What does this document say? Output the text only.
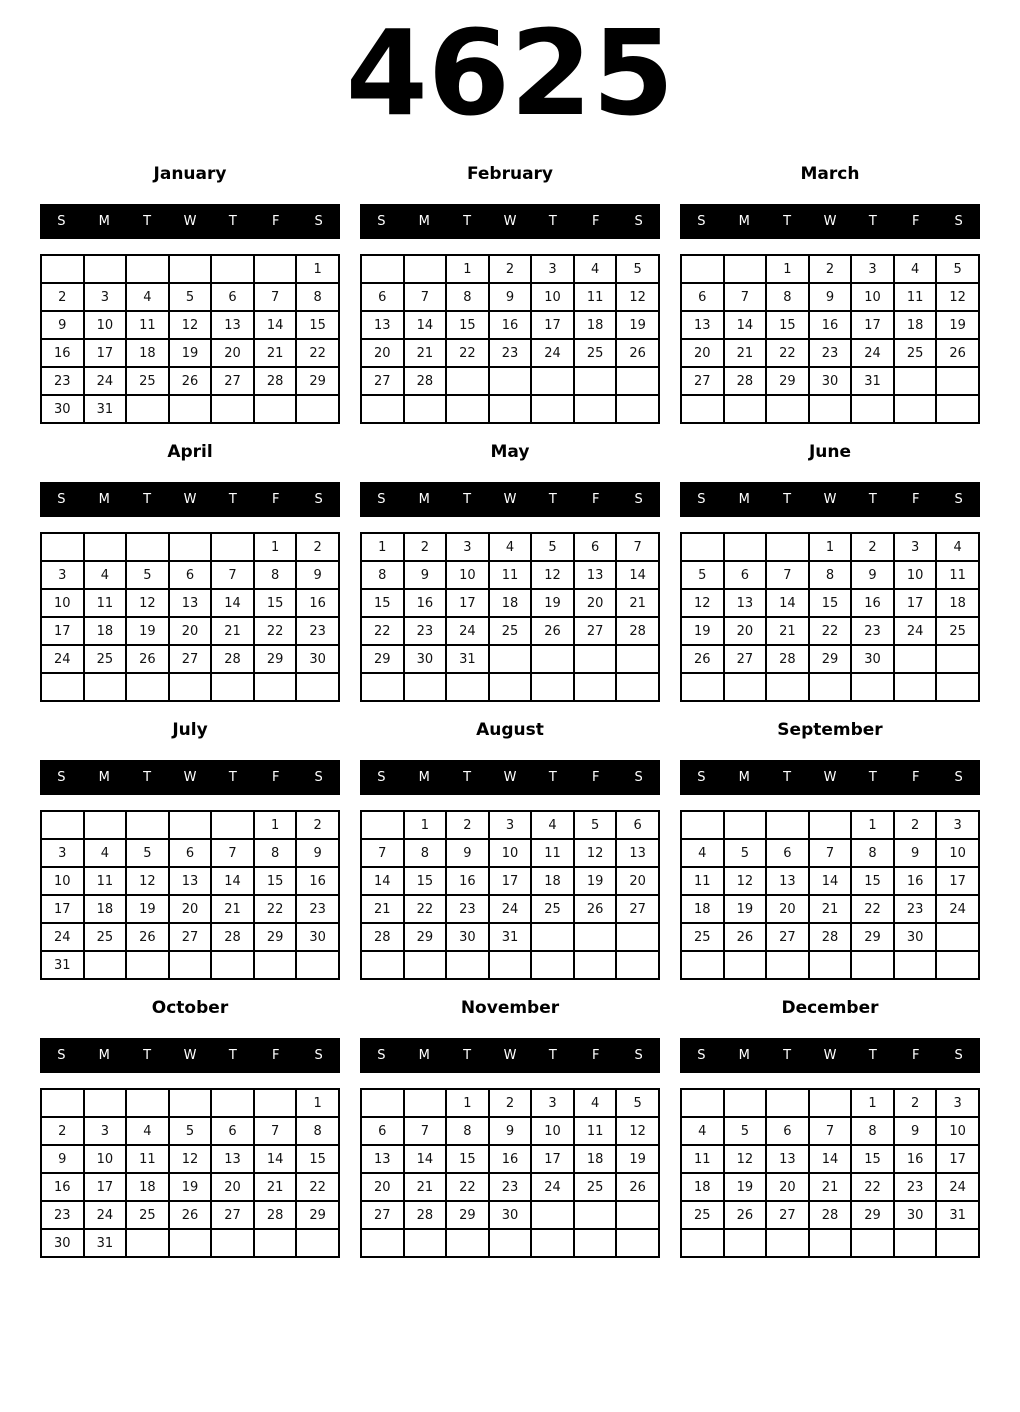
4625
January
S	M	T	W	T	F	S
						1
2	3	4	5	6	7	8
9	10	11	12	13	14	15
16	17	18	19	20	21	22
23	24	25	26	27	28	29
30	31					
February
S	M	T	W	T	F	S
		1	2	3	4	5
6	7	8	9	10	11	12
13	14	15	16	17	18	19
20	21	22	23	24	25	26
27	28					

March
S	M	T	W	T	F	S
		1	2	3	4	5
6	7	8	9	10	11	12
13	14	15	16	17	18	19
20	21	22	23	24	25	26
27	28	29	30	31		

April
S	M	T	W	T	F	S
					1	2
3	4	5	6	7	8	9
10	11	12	13	14	15	16
17	18	19	20	21	22	23
24	25	26	27	28	29	30

May
S	M	T	W	T	F	S
1	2	3	4	5	6	7
8	9	10	11	12	13	14
15	16	17	18	19	20	21
22	23	24	25	26	27	28
29	30	31				

June
S	M	T	W	T	F	S
			1	2	3	4
5	6	7	8	9	10	11
12	13	14	15	16	17	18
19	20	21	22	23	24	25
26	27	28	29	30		

July
S	M	T	W	T	F	S
					1	2
3	4	5	6	7	8	9
10	11	12	13	14	15	16
17	18	19	20	21	22	23
24	25	26	27	28	29	30
31						
August
S	M	T	W	T	F	S
	1	2	3	4	5	6
7	8	9	10	11	12	13
14	15	16	17	18	19	20
21	22	23	24	25	26	27
28	29	30	31			

September
S	M	T	W	T	F	S
				1	2	3
4	5	6	7	8	9	10
11	12	13	14	15	16	17
18	19	20	21	22	23	24
25	26	27	28	29	30	

October
S	M	T	W	T	F	S
						1
2	3	4	5	6	7	8
9	10	11	12	13	14	15
16	17	18	19	20	21	22
23	24	25	26	27	28	29
30	31					
November
S	M	T	W	T	F	S
		1	2	3	4	5
6	7	8	9	10	11	12
13	14	15	16	17	18	19
20	21	22	23	24	25	26
27	28	29	30			

December
S	M	T	W	T	F	S
				1	2	3
4	5	6	7	8	9	10
11	12	13	14	15	16	17
18	19	20	21	22	23	24
25	26	27	28	29	30	31
